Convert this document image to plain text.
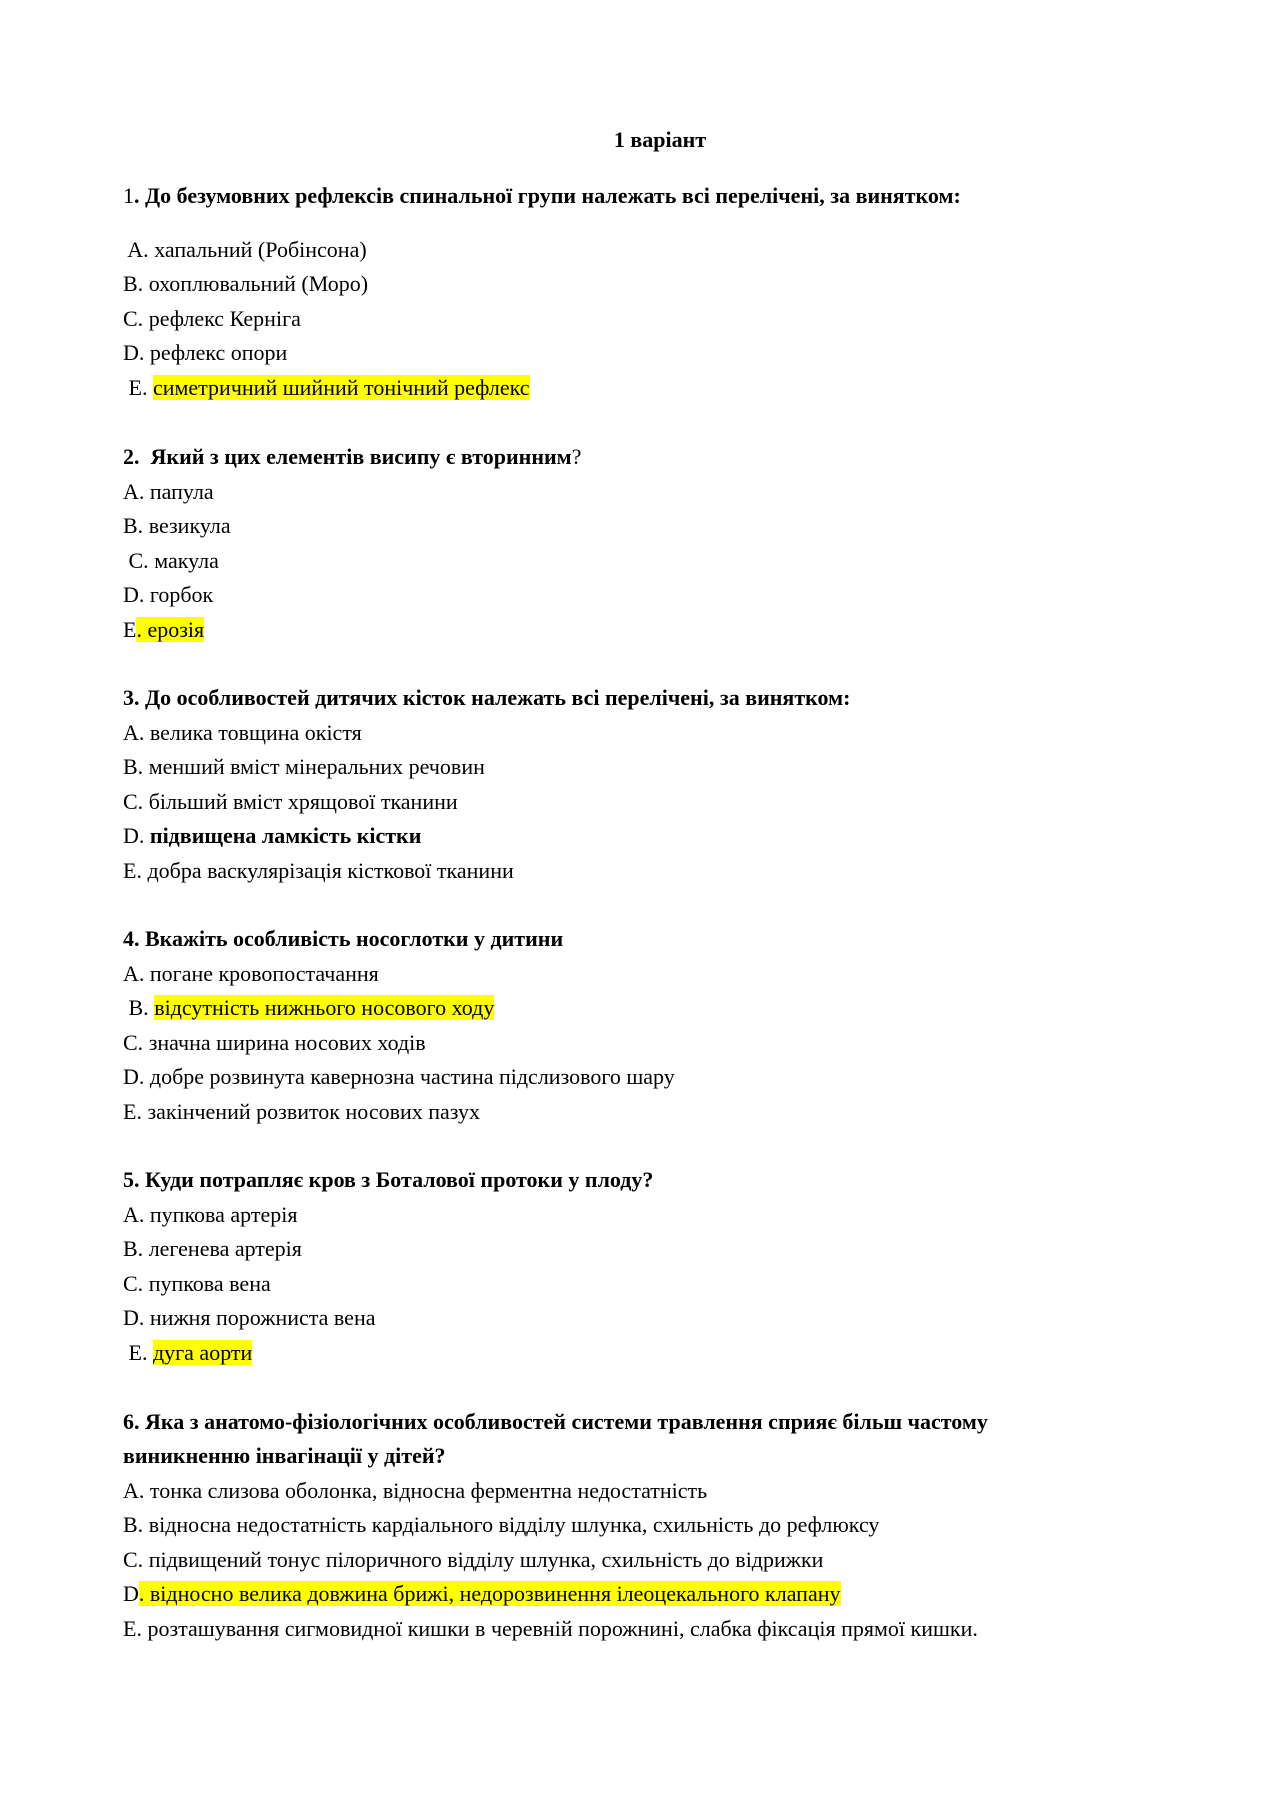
1 варіант
1. До безумовних рефлексів спинальної групи належать всі перелічені, за винятком:
A. хапальний (Робінсона)
B. охоплювальний (Моро)
C. рефлекс Керніга
D. рефлекс опори
E. симетричний шийний тонічний рефлекс
2.  Який з цих елементів висипу є вторинним?
A. папула
B. везикула
C. макула
D. горбок
E. ерозія
3. До особливостей дитячих кісток належать всі перелічені, за винятком:
A. велика товщина окістя
B. менший вміст мінеральних речовин
C. більший вміст хрящової тканини
D. підвищена ламкість кістки
E. добра васкулярізація кісткової тканини
4. Вкажіть особливість носоглотки у дитини
A. погане кровопостачання
B. відсутність нижнього носового ходу
C. значна ширина носових ходів
D. добре розвинута кавернозна частина підслизового шару
E. закінчений розвиток носових пазух
5. Куди потрапляє кров з Боталової протоки у плоду?
A. пупкова артерія
B. легенева артерія
C. пупкова вена
D. нижня порожниста вена
E. дуга аорти
6. Яка з анатомо-фізіологічних особливостей системи травлення сприяє більш частому
виникненню інвагінації у дітей?
A. тонка слизова оболонка, відносна ферментна недостатність
B. відносна недостатність кардіального відділу шлунка, схильність до рефлюксу
C. підвищений тонус пілоричного відділу шлунка, схильність до відрижки
D. відносно велика довжина брижі, недорозвинення ілеоцекального клапану
E. розташування сигмовидної кишки в черевній порожнині, слабка фіксація прямої кишки.
